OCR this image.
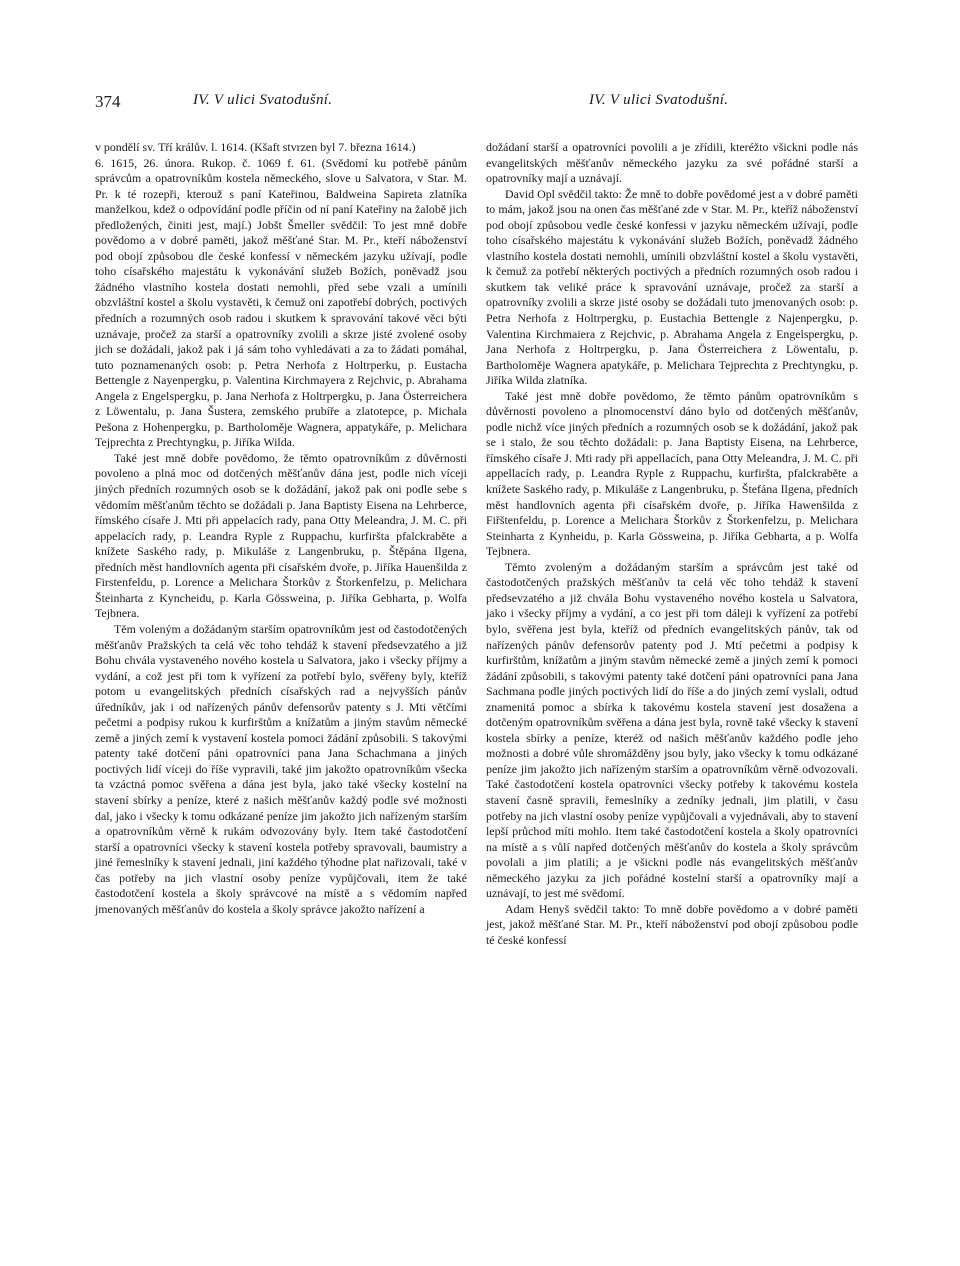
374	IV. V ulici Svatodušní.	IV. V ulici Svatodušní.

v pondělí sv. Tří králův. l. 1614. (Kšaft stvrzen byl 7. března 1614.)

6. 1615, 26. února. Rukop. č. 1069 f. 61. (Svědomí ku potřebě pánům správcům a opatrovníkům kostela německého, slove u Salvatora, v Star. M. Pr. k té rozepři, kterouž s paní Kateřinou, Baldweina Sapireta zlatníka manželkou, kdež o odpovídání podle příčin od ní paní Kateřiny na žalobě jich předložených, činiti jest, mají.) Jobšt Šmeller svědčil: To jest mně dobře povědomo a v dobré paměti, jakož měšťané Star. M. Pr., kteří náboženství pod obojí způsobou dle české konfessí v německém jazyku užívají, podle toho císařského majestátu k vykonávání služeb Božích, poněvadž jsou žádného vlastního kostela dostati nemohli, před sebe vzali a umínili obzvláštní kostel a školu vystavěti, k čemuž oni zapotřebí dobrých, poctivých předních a rozumných osob radou i skutkem k spravování takové věci býti uznávaje, pročež za starší a opatrovníky zvolili a skrze jisté zvolené osoby jich se dožádali, jakož pak i já sám toho vyhledávati a za to žádati pomáhal, tuto poznamenaných osob: p. Petra Nerhofa z Holtrperku, p. Eustacha Bettengle z Nayenpergku, p. Valentina Kirchmayera z Rejchvic, p. Abrahama Angela z Engelspergku, p. Jana Nerhofa z Holtrpergku, p. Jana Österreichera z Löwentalu, p. Jana Šustera, zemského prubíře a zlatotepce, p. Michala Pešona z Hohenpergku, p. Bartholoměje Wagnera, appatykáře, p. Melichara Tejprechta z Prechtyngku, p. Jiříka Wilda.

Také jest mně dobře povědomo, že těmto opatrovníkům z důvěrnosti povoleno a plná moc od dotčených měšťanův dána jest, podle nich víceji jiných předních rozumných osob se k dožádání, jakož pak oni podle sebe s vědomím měšťanům těchto se dožádali p. Jana Baptisty Eisena na Lehrberce, římského císaře J. Mti při appelacích rady, pana Otty Meleandra, J. M. C. při appelacích rady, p. Leandra Ryple z Ruppachu, kurfiršta pfalckraběte a knížete Saského rady, p. Mikuláše z Langenbruku, p. Štěpána Ilgena, předních měst handlovních agenta při císařském dvoře, p. Jiříka Hauenšilda z Firstenfeldu, p. Lorence a Melichara Štorkův z Štorkenfelzu, p. Melichara Šteinharta z Kyncheidu, p. Karla Gössweina, p. Jiříka Gebharta, p. Wolfa Tejbnera.

Těm voleným a dožádaným starším opatrovníkům jest od častodotčených měšťanův Pražských ta celá věc toho tehdáž k stavení předsevzatého a již Bohu chvála vystaveného nového kostela u Salvatora, jako i všecky příjmy a vydání, a což jest při tom k vyřízení za potřebí bylo, svěřeny byly, kteříž potom u evangelitských předních císařských rad a nejvyšších pánův úředníkův, jak i od nařízených pánův defensorův patenty s J. Mti větčími pečetmi a podpisy rukou k kurfirštům a knížatům a jiným stavům německé země a jiných zemí k vystavení kostela pomoci žádání způsobili. S takovými patenty také dotčení páni opatrovníci pana Jana Schachmana a jiných poctivých lidí víceji do říše vypravili, také jim jakožto opatrovníkům všecka ta vzáctná pomoc svěřena a dána jest byla, jako také všecky kostelní na stavení sbírky a peníze, které z našich měšťanův každý podle své možnosti dal, jako i všecky k tomu odkázané peníze jim jakožto jich nařízeným starším a opatrovníkům věrně k rukám odvozovány byly. Item také častodotčení starší a opatrovníci všecky k stavení kostela potřeby spravovali, baumistry a jiné řemeslníky k stavení jednali, jiní každého týhodne plat nařizovali, také v čas potřeby na jich vlastní osoby peníze vypůjčovali, item že také častodotčení kostela a školy správcové na místě a s vědomím napřed jmenovaných měšťanův do kostela a školy správce jakožto nařízení a

dožádaní starší a opatrovníci povolili a je zřídili, kteréžto všickni podle nás evangelitských měšťanův německého jazyku za své pořádné starší a opatrovníky mají a uznávají.

David Opl svědčil takto: Že mně to dobře povědomé jest a v dobré paměti to mám, jakož jsou na onen čas měšťané zde v Star. M. Pr., kteříž náboženství pod obojí způsobou vedle české konfessi v jazyku německém užívají, podle toho císařského majestátu k vykonávání služeb Božích, poněvadž žádného vlastního kostela dostati nemohli, umínili obzvláštní kostel a školu vystavěti, k čemuž za potřebí některých poctivých a předních rozumných osob radou i skutkem tak veliké práce k spravování uznávaje, pročež za starší a opatrovníky zvolili a skrze jisté osoby se dožádali tuto jmenovaných osob: p. Petra Nerhofa z Holtrpergku, p. Eustachia Bettengle z Najenpergku, p. Valentina Kirchmaiera z Rejchvic, p. Abrahama Angela z Engelspergku, p. Jana Nerhofa z Holtrpergku, p. Jana Österreichera z Löwentalu, p. Bartholoměje Wagnera apatykáře, p. Melichara Tejprechta z Prechtyngku, p. Jiříka Wilda zlatníka.

Také jest mně dobře povědomo, že těmto pánům opatrovníkům s důvěrnosti povoleno a plnomocenství dáno bylo od dotčených měšťanův, podle nichž více jiných předních a rozumných osob se k dožádání, jakož pak se i stalo, že sou těchto dožádali: p. Jana Baptisty Eisena, na Lehrberce, římského císaře J. Mti rady při appellacích, pana Otty Meleandra, J. M. C. při appellacích rady, p. Leandra Ryple z Ruppachu, kurfiršta, pfalckraběte a knížete Saského rady, p. Mikuláše z Langenbruku, p. Štefána Ilgena, předních měst handlovních agenta při císařském dvoře, p. Jiříka Hawenšilda z Fiřštenfeldu, p. Lorence a Melichara Štorkův z Štorkenfelzu, p. Melichara Steinharta z Kynheidu, p. Karla Gössweina, p. Jiříka Gebharta, a p. Wolfa Tejbnera.

Těmto zvoleným a dožádaným starším a správcům jest také od častodotčených pražských měšťanův ta celá věc toho tehdáž k stavení předsevzatého a již chvála Bohu vystaveného nového kostela u Salvatora, jako i všecky příjmy a vydání, a co jest při tom dáleji k vyřízení za potřebí bylo, svěřena jest byla, kteříž od předních evangelitských pánův, tak od nařízených pánův defensorův patenty pod J. Mtí pečetmi a podpisy k kurfirštům, knížatům a jiným stavům německé země a jiných zemí k pomoci žádání způsobili, s takovými patenty také dotčení páni opatrovníci pana Jana Sachmana podle jiných poctivých lidí do říše a do jiných zemí vyslali, odtud znamenitá pomoc a sbírka k takovému kostela stavení jest dosažena a dotčeným opatrovníkům svěřena a dána jest byla, rovně také všecky k stavení kostela sbírky a peníze, kteréž od našich měšťanův každého podle jeho možnosti a dobré vůle shromážděny jsou byly, jako všecky k tomu odkázané peníze jim jakožto jich nařízeným starším a opatrovníkům věrně odvozovali. Také častodotčení kostela opatrovníci všecky potřeby k takovému kostela stavení časně spravili, řemeslníky a zedníky jednali, jim platili, v času potřeby na jich vlastní osoby peníze vypůjčovali a vyjednávali, aby to stavení lepší průchod míti mohlo. Item také častodotčení kostela a školy opatrovníci na místě a s vůlí napřed dotčených měšťanův do kostela a školy správcům povolali a jim platili; a je všickni podle nás evangelitských měšťanův německého jazyku za jich pořádné kostelní starší a opatrovníky mají a uznávají, to jest mé svědomí.

Adam Henyš svědčil takto: To mně dobře povědomo a v dobré paměti jest, jakož měšťané Star. M. Pr., kteří náboženství pod obojí způsobou podle té české konfessí
